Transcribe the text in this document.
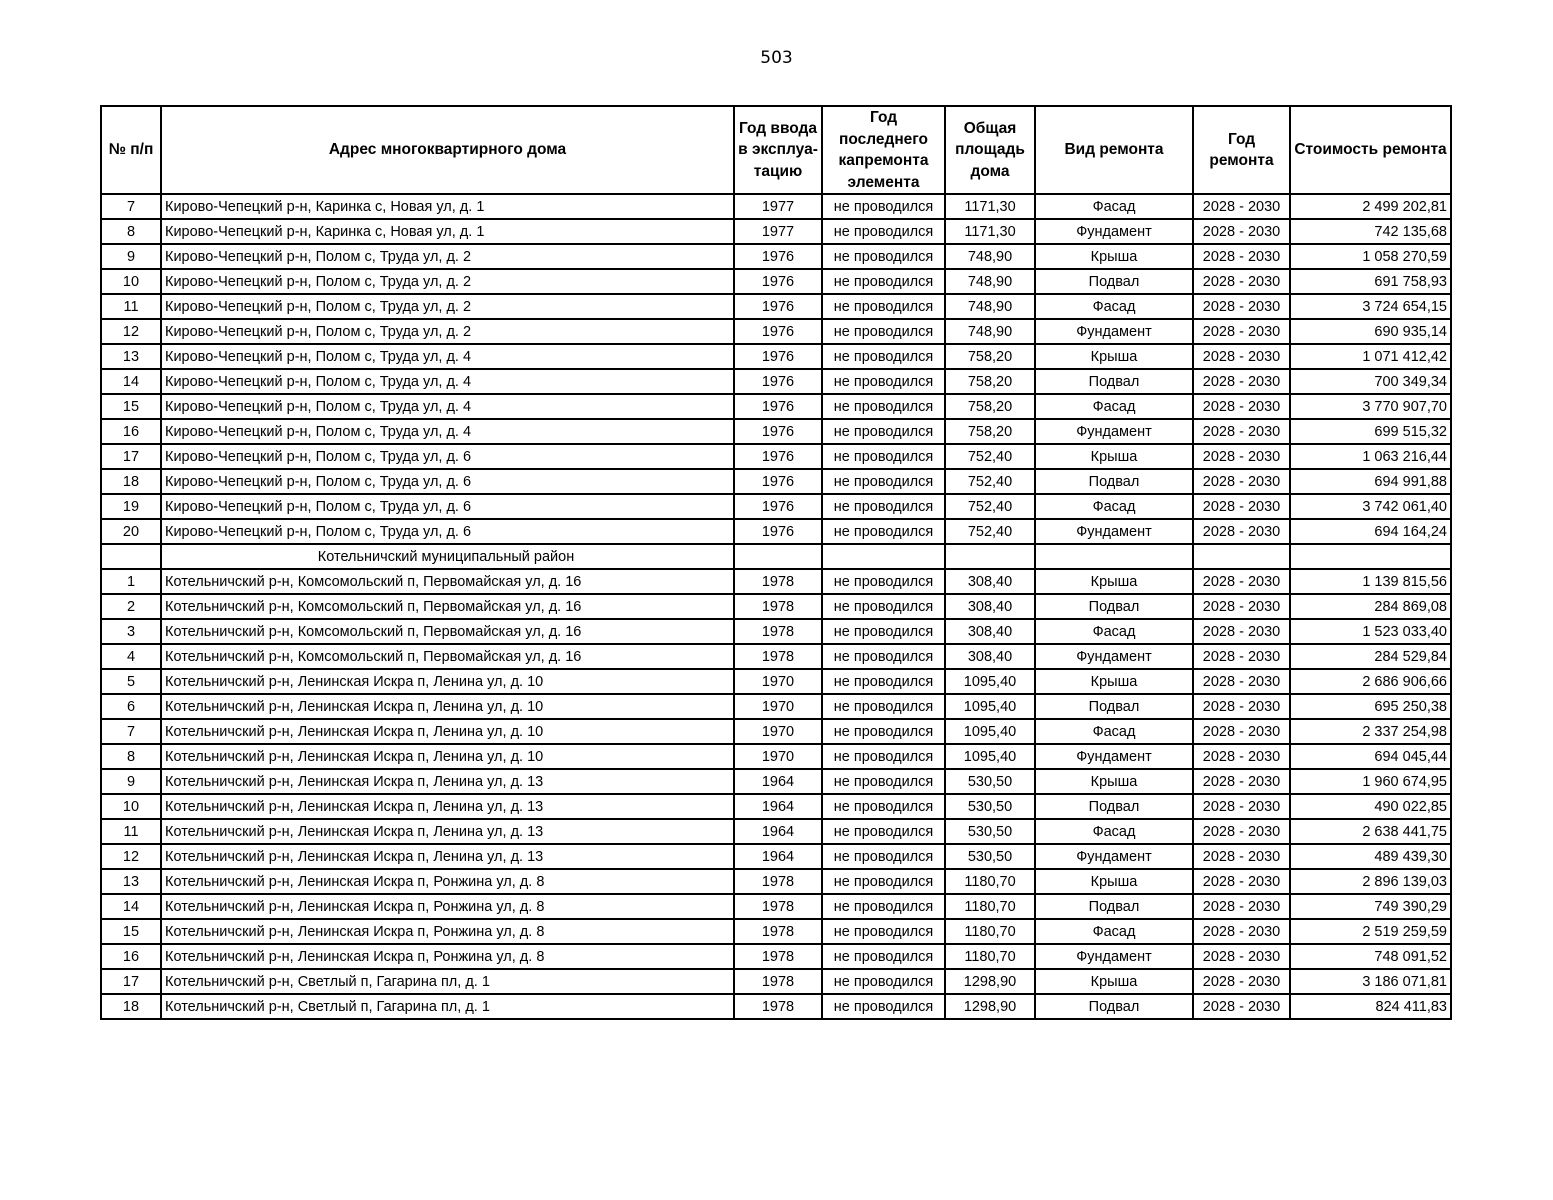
503
№ п/п	Адрес многоквартирного дома	Год ввода в эксплуа-тацию	Год последнего капремонта элемента	Общая площадь дома	Вид ремонта	Год ремонта	Стоимость ремонта
7	Кирово-Чепецкий р-н, Каринка с, Новая ул, д. 1	1977	не проводился	1171,30	Фасад	2028 - 2030	2 499 202,81
8	Кирово-Чепецкий р-н, Каринка с, Новая ул, д. 1	1977	не проводился	1171,30	Фундамент	2028 - 2030	742 135,68
9	Кирово-Чепецкий р-н, Полом с, Труда ул, д. 2	1976	не проводился	748,90	Крыша	2028 - 2030	1 058 270,59
10	Кирово-Чепецкий р-н, Полом с, Труда ул, д. 2	1976	не проводился	748,90	Подвал	2028 - 2030	691 758,93
11	Кирово-Чепецкий р-н, Полом с, Труда ул, д. 2	1976	не проводился	748,90	Фасад	2028 - 2030	3 724 654,15
12	Кирово-Чепецкий р-н, Полом с, Труда ул, д. 2	1976	не проводился	748,90	Фундамент	2028 - 2030	690 935,14
13	Кирово-Чепецкий р-н, Полом с, Труда ул, д. 4	1976	не проводился	758,20	Крыша	2028 - 2030	1 071 412,42
14	Кирово-Чепецкий р-н, Полом с, Труда ул, д. 4	1976	не проводился	758,20	Подвал	2028 - 2030	700 349,34
15	Кирово-Чепецкий р-н, Полом с, Труда ул, д. 4	1976	не проводился	758,20	Фасад	2028 - 2030	3 770 907,70
16	Кирово-Чепецкий р-н, Полом с, Труда ул, д. 4	1976	не проводился	758,20	Фундамент	2028 - 2030	699 515,32
17	Кирово-Чепецкий р-н, Полом с, Труда ул, д. 6	1976	не проводился	752,40	Крыша	2028 - 2030	1 063 216,44
18	Кирово-Чепецкий р-н, Полом с, Труда ул, д. 6	1976	не проводился	752,40	Подвал	2028 - 2030	694 991,88
19	Кирово-Чепецкий р-н, Полом с, Труда ул, д. 6	1976	не проводился	752,40	Фасад	2028 - 2030	3 742 061,40
20	Кирово-Чепецкий р-н, Полом с, Труда ул, д. 6	1976	не проводился	752,40	Фундамент	2028 - 2030	694 164,24
	Котельничский муниципальный район						
1	Котельничский р-н, Комсомольский п, Первомайская ул, д. 16	1978	не проводился	308,40	Крыша	2028 - 2030	1 139 815,56
2	Котельничский р-н, Комсомольский п, Первомайская ул, д. 16	1978	не проводился	308,40	Подвал	2028 - 2030	284 869,08
3	Котельничский р-н, Комсомольский п, Первомайская ул, д. 16	1978	не проводился	308,40	Фасад	2028 - 2030	1 523 033,40
4	Котельничский р-н, Комсомольский п, Первомайская ул, д. 16	1978	не проводился	308,40	Фундамент	2028 - 2030	284 529,84
5	Котельничский р-н, Ленинская Искра п, Ленина ул, д. 10	1970	не проводился	1095,40	Крыша	2028 - 2030	2 686 906,66
6	Котельничский р-н, Ленинская Искра п, Ленина ул, д. 10	1970	не проводился	1095,40	Подвал	2028 - 2030	695 250,38
7	Котельничский р-н, Ленинская Искра п, Ленина ул, д. 10	1970	не проводился	1095,40	Фасад	2028 - 2030	2 337 254,98
8	Котельничский р-н, Ленинская Искра п, Ленина ул, д. 10	1970	не проводился	1095,40	Фундамент	2028 - 2030	694 045,44
9	Котельничский р-н, Ленинская Искра п, Ленина ул, д. 13	1964	не проводился	530,50	Крыша	2028 - 2030	1 960 674,95
10	Котельничский р-н, Ленинская Искра п, Ленина ул, д. 13	1964	не проводился	530,50	Подвал	2028 - 2030	490 022,85
11	Котельничский р-н, Ленинская Искра п, Ленина ул, д. 13	1964	не проводился	530,50	Фасад	2028 - 2030	2 638 441,75
12	Котельничский р-н, Ленинская Искра п, Ленина ул, д. 13	1964	не проводился	530,50	Фундамент	2028 - 2030	489 439,30
13	Котельничский р-н, Ленинская Искра п, Ронжина ул, д. 8	1978	не проводился	1180,70	Крыша	2028 - 2030	2 896 139,03
14	Котельничский р-н, Ленинская Искра п, Ронжина ул, д. 8	1978	не проводился	1180,70	Подвал	2028 - 2030	749 390,29
15	Котельничский р-н, Ленинская Искра п, Ронжина ул, д. 8	1978	не проводился	1180,70	Фасад	2028 - 2030	2 519 259,59
16	Котельничский р-н, Ленинская Искра п, Ронжина ул, д. 8	1978	не проводился	1180,70	Фундамент	2028 - 2030	748 091,52
17	Котельничский р-н, Светлый п, Гагарина пл, д. 1	1978	не проводился	1298,90	Крыша	2028 - 2030	3 186 071,81
18	Котельничский р-н, Светлый п, Гагарина пл, д. 1	1978	не проводился	1298,90	Подвал	2028 - 2030	824 411,83
